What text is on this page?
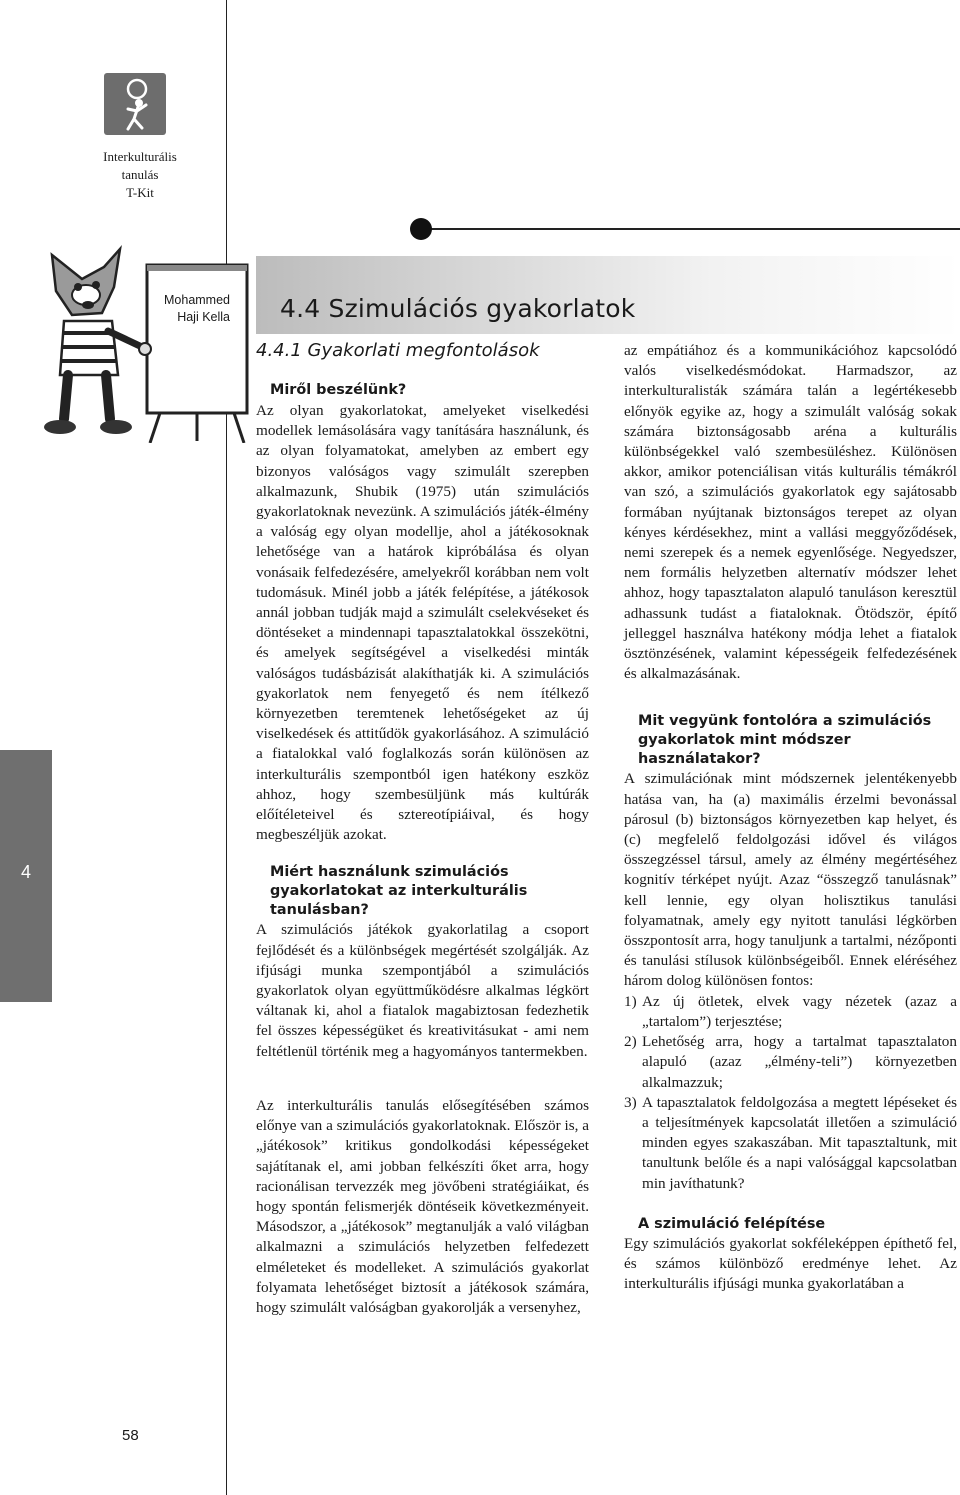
Interkulturális
tanulás
T-Kit
Mohammed
Haji Kella 4.4 Szimulációs gyakorlatok
4.4.1 Gyakorlati megfontolások
4
58
Miről beszélünk?

Az olyan gyakorlatokat, amelyeket viselkedési modellek lemásolására vagy tanítására használunk, és az olyan folyamatokat, amelyben az embert egy bizonyos valóságos vagy szimulált szerepben alkalmazunk, Shubik (1975) után szimulációs gyakorlatoknak nevezünk. A szimulációs játék-élmény a valóság egy olyan modellje, ahol a játékosoknak lehetősége van a határok kipróbálása és olyan vonásaik felfedezésére, amelyekről korábban nem volt tudomásuk. Minél jobb a játék felépítése, a játékosok annál jobban tudják majd a szimulált cselekvéseket és döntéseket a mindennapi tapasztalatokkal összekötni, és amelyek segítségével a viselkedési minták valóságos tudásbázisát alakíthatják ki. A szimulációs gyakorlatok nem fenyegető és nem ítélkező környezetben teremtenek lehetőségeket az új viselkedések és attitűdök gyakorlásához. A szimuláció a fiatalokkal való foglalkozás során különösen az interkulturális szempontból igen hatékony eszköz ahhoz, hogy szembesüljünk más kultúrák előítéleteivel és sztereotípiáival, és hogy megbeszéljük azokat.

Miért használunk szimulációs gyakorlatokat az interkulturális tanulásban?

A szimulációs játékok gyakorlatilag a csoport fejlődését és a különbségek megértését szolgálják. Az ifjúsági munka szempontjából a szimulációs gyakorlatok olyan együttműködésre alkalmas légkört váltanak ki, ahol a fiatalok magabiztosan fedezhetik fel összes képességüket és kreativitásukat - ami nem feltétlenül történik meg a hagyományos tantermekben.

Az interkulturális tanulás elősegítésében számos előnye van a szimulációs gyakorlatoknak. Először is, a „játékosok” kritikus gondolkodási képességeket sajátítanak el, ami jobban felkészíti őket arra, hogy racionálisan tervezzék meg jövőbeni stratégiáikat, és hogy spontán felismerjék döntéseik következményeit. Másodszor, a „játékosok” megtanulják a való világban alkalmazni a szimulációs helyzetben felfedezett elméleteket és modelleket. A szimulációs gyakorlat folyamata lehetőséget biztosít a játékosok számára, hogy szimulált valóságban gyakorolják a versenyhez,

az empátiához és a kommunikációhoz kapcsolódó valós viselkedésmódokat. Harmadszor, az interkulturalisták számára talán a legértékesebb előnyök egyike az, hogy a szimulált valóság sokak számára biztonságosabb aréna a kulturális különbségekkel való szembesüléshez. Különösen akkor, amikor potenciálisan vitás kulturális témákról van szó, a szimulációs gyakorlatok egy sajátosabb formában nyújtanak biztonságos terepet az olyan kényes kérdésekhez, mint a vallási meggyőződések, nemi szerepek és a nemek egyenlősége. Negyedszer, nem formális helyzetben alternatív módszer lehet ahhoz, hogy tapasztalaton alapuló tanuláson keresztül adhassunk tudást a fiataloknak. Ötödször, építő jelleggel használva hatékony módja lehet a fiatalok ösztönzésének, valamint képességeik felfedezésének és alkalmazásának.

Mit vegyünk fontolóra a szimulációs gyakorlatok mint módszer használatakor?

A szimulációnak mint módszernek jelentékenyebb hatása van, ha (a) maximális érzelmi bevonással párosul (b) biztonságos környezetben kap helyet, és (c) megfelelő feldolgozási idővel és világos összegzéssel társul, amely az élmény megértéséhez kognitív térképet nyújt. Azaz “összegző tanulásnak” kell lennie, egy olyan holisztikus tanulási folyamatnak, amely egy nyitott tanulási légkörben összpontosít arra, hogy tanuljunk a tartalmi, nézőponti és tanulási stílusok különbségeiből. Ennek eléréséhez három dolog különösen fontos:

1) Az új ötletek, elvek vagy nézetek (azaz a „tartalom”) terjesztése;
2) Lehetőség arra, hogy a tartalmat tapasztalaton alapuló (azaz „élmény-teli”) környezetben alkalmazzuk;
3) A tapasztalatok feldolgozása a megtett lépéseket és a teljesítmények kapcsolatát illetően a szimuláció minden egyes szakaszában. Mit tapasztaltunk, mit tanultunk belőle és a napi valósággal kapcsolatban min javíthatunk?
A szimuláció felépítése

Egy szimulációs gyakorlat sokféleképpen építhető fel, és számos különböző eredménye lehet. Az interkulturális ifjúsági munka gyakorlatában a
